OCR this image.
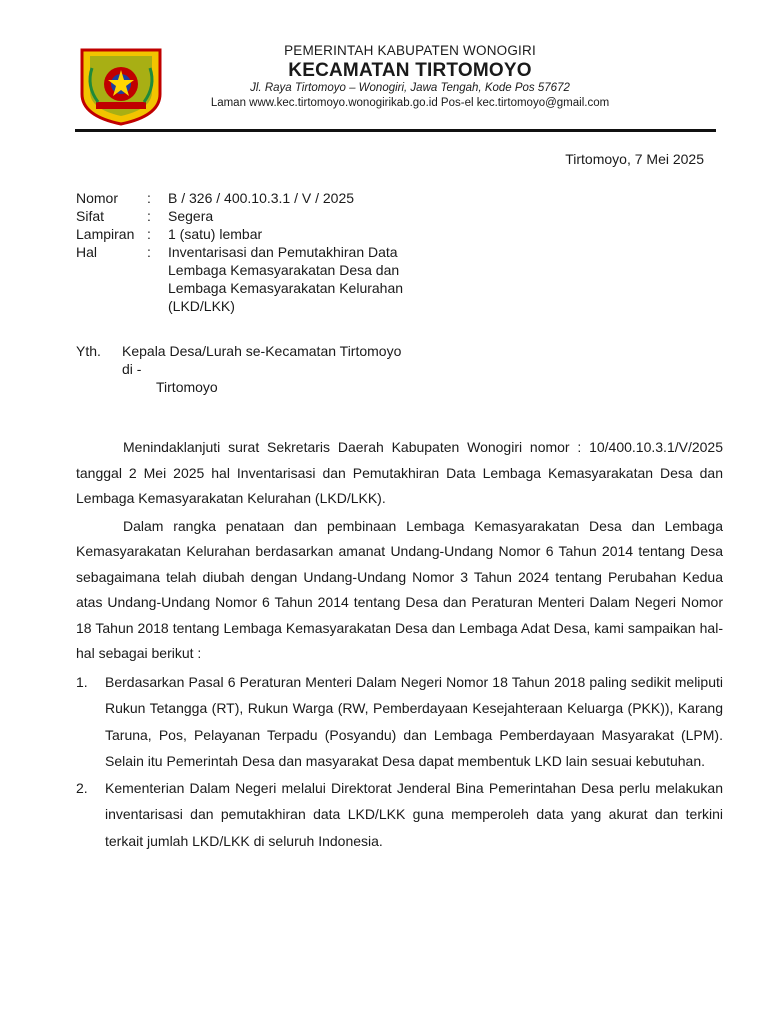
PEMERINTAH KABUPATEN WONOGIRI
KECAMATAN TIRTOMOYO
Jl. Raya Tirtomoyo – Wonogiri, Jawa Tengah, Kode Pos 57672
Laman www.kec.tirtomoyo.wonogirikab.go.id Pos-el kec.tirtomoyo@gmail.com
Tirtomoyo, 7 Mei 2025
Nomor	:	B / 326 / 400.10.3.1 / V / 2025
Sifat	:	Segera
Lampiran :	1 (satu) lembar
Hal	:	Inventarisasi dan Pemutakhiran Data Lembaga Kemasyarakatan Desa dan Lembaga Kemasyarakatan Kelurahan (LKD/LKK)
Yth.	Kepala Desa/Lurah se-Kecamatan Tirtomoyo
di -
Tirtomoyo

Menindaklanjuti surat Sekretaris Daerah Kabupaten Wonogiri nomor : 10/400.10.3.1/V/2025 tanggal 2 Mei 2025 hal Inventarisasi dan Pemutakhiran Data Lembaga Kemasyarakatan Desa dan Lembaga Kemasyarakatan Kelurahan (LKD/LKK).

Dalam rangka penataan dan pembinaan Lembaga Kemasyarakatan Desa dan Lembaga Kemasyarakatan Kelurahan berdasarkan amanat Undang-Undang Nomor 6 Tahun 2014 tentang Desa sebagaimana telah diubah dengan Undang-Undang Nomor 3 Tahun 2024 tentang Perubahan Kedua atas Undang-Undang Nomor 6 Tahun 2014 tentang Desa dan Peraturan Menteri Dalam Negeri Nomor 18 Tahun 2018 tentang Lembaga Kemasyarakatan Desa dan Lembaga Adat Desa, kami sampaikan hal-hal sebagai berikut :

1.	Berdasarkan Pasal 6 Peraturan Menteri Dalam Negeri Nomor 18 Tahun 2018 paling sedikit meliputi Rukun Tetangga (RT), Rukun Warga (RW, Pemberdayaan Kesejahteraan Keluarga (PKK)), Karang Taruna, Pos, Pelayanan Terpadu (Posyandu) dan Lembaga Pemberdayaan Masyarakat (LPM). Selain itu Pemerintah Desa dan masyarakat Desa dapat membentuk LKD lain sesuai kebutuhan.
2.	Kementerian Dalam Negeri melalui Direktorat Jenderal Bina Pemerintahan Desa perlu melakukan inventarisasi dan pemutakhiran data LKD/LKK guna memperoleh data yang akurat dan terkini terkait jumlah LKD/LKK di seluruh Indonesia.
